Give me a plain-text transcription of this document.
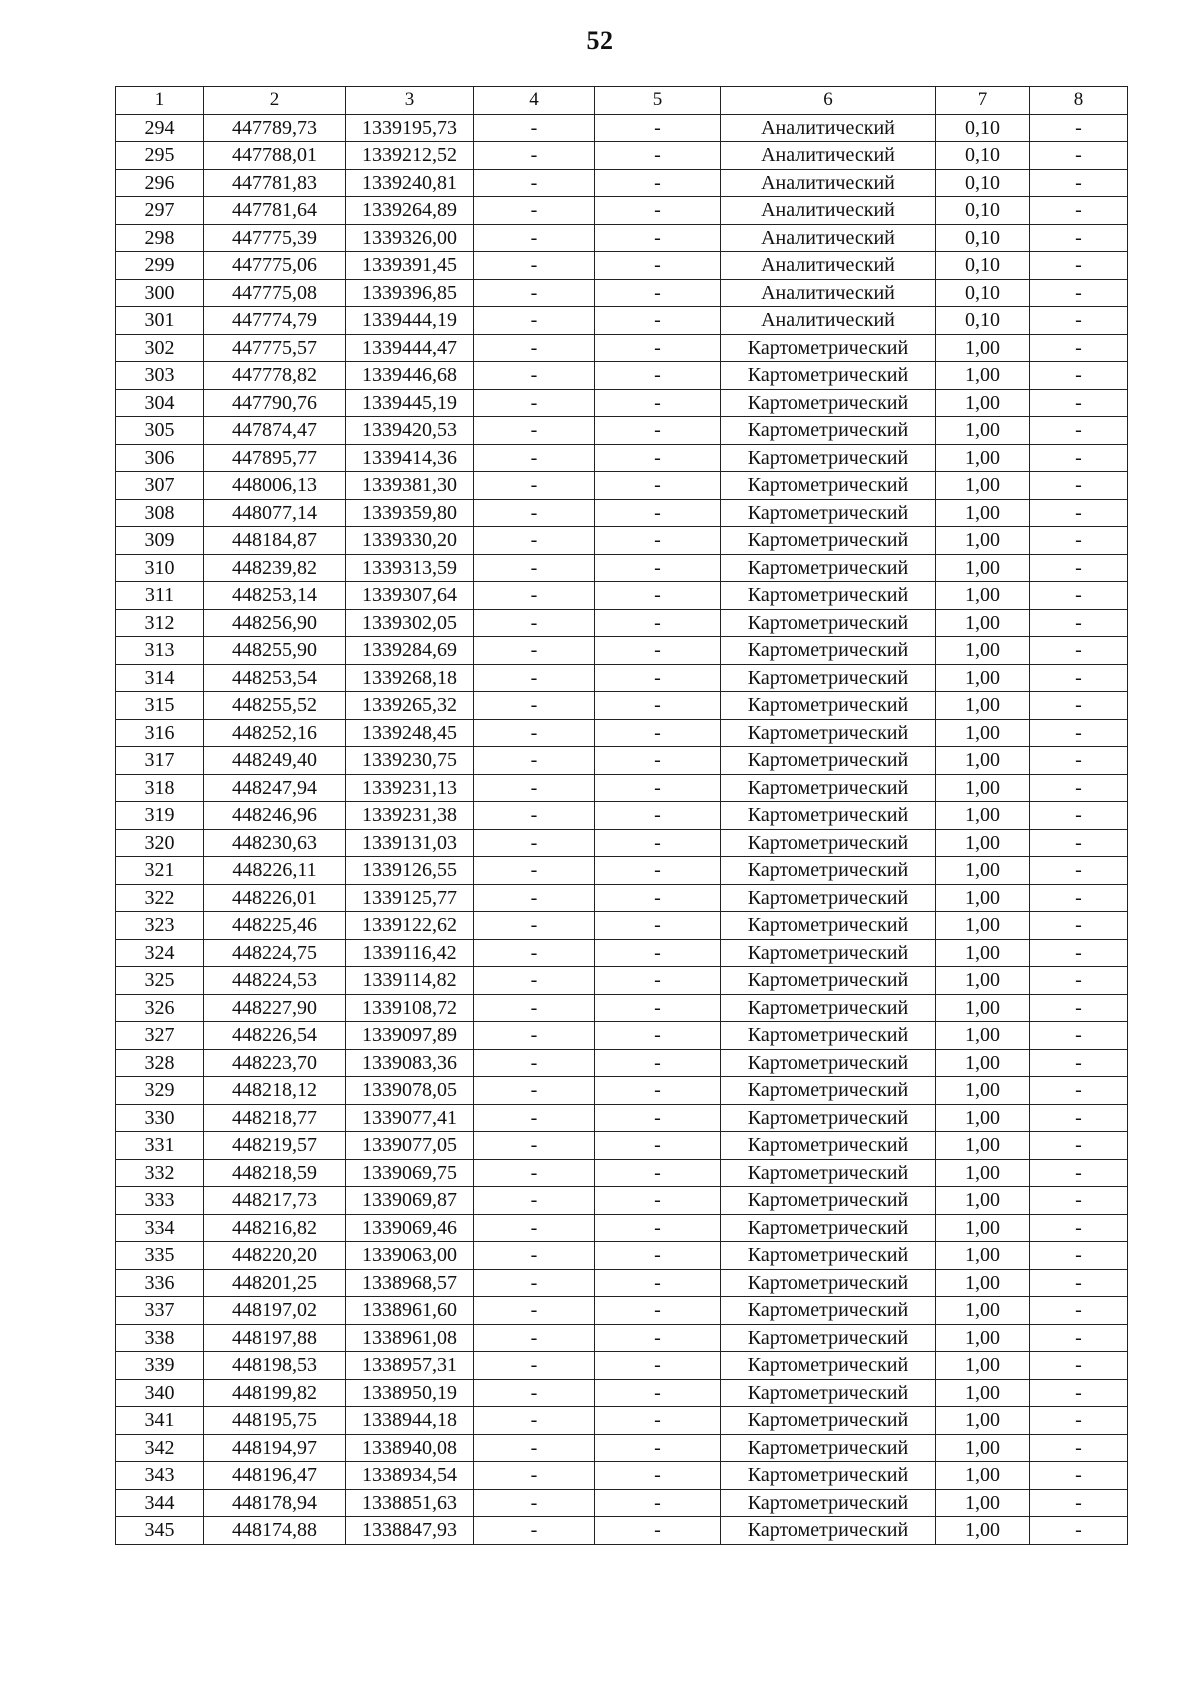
52
1	2	3	4	5	6	7	8
294	447789,73	1339195,73	-	-	Аналитический	0,10	-
295	447788,01	1339212,52	-	-	Аналитический	0,10	-
296	447781,83	1339240,81	-	-	Аналитический	0,10	-
297	447781,64	1339264,89	-	-	Аналитический	0,10	-
298	447775,39	1339326,00	-	-	Аналитический	0,10	-
299	447775,06	1339391,45	-	-	Аналитический	0,10	-
300	447775,08	1339396,85	-	-	Аналитический	0,10	-
301	447774,79	1339444,19	-	-	Аналитический	0,10	-
302	447775,57	1339444,47	-	-	Картометрический	1,00	-
303	447778,82	1339446,68	-	-	Картометрический	1,00	-
304	447790,76	1339445,19	-	-	Картометрический	1,00	-
305	447874,47	1339420,53	-	-	Картометрический	1,00	-
306	447895,77	1339414,36	-	-	Картометрический	1,00	-
307	448006,13	1339381,30	-	-	Картометрический	1,00	-
308	448077,14	1339359,80	-	-	Картометрический	1,00	-
309	448184,87	1339330,20	-	-	Картометрический	1,00	-
310	448239,82	1339313,59	-	-	Картометрический	1,00	-
311	448253,14	1339307,64	-	-	Картометрический	1,00	-
312	448256,90	1339302,05	-	-	Картометрический	1,00	-
313	448255,90	1339284,69	-	-	Картометрический	1,00	-
314	448253,54	1339268,18	-	-	Картометрический	1,00	-
315	448255,52	1339265,32	-	-	Картометрический	1,00	-
316	448252,16	1339248,45	-	-	Картометрический	1,00	-
317	448249,40	1339230,75	-	-	Картометрический	1,00	-
318	448247,94	1339231,13	-	-	Картометрический	1,00	-
319	448246,96	1339231,38	-	-	Картометрический	1,00	-
320	448230,63	1339131,03	-	-	Картометрический	1,00	-
321	448226,11	1339126,55	-	-	Картометрический	1,00	-
322	448226,01	1339125,77	-	-	Картометрический	1,00	-
323	448225,46	1339122,62	-	-	Картометрический	1,00	-
324	448224,75	1339116,42	-	-	Картометрический	1,00	-
325	448224,53	1339114,82	-	-	Картометрический	1,00	-
326	448227,90	1339108,72	-	-	Картометрический	1,00	-
327	448226,54	1339097,89	-	-	Картометрический	1,00	-
328	448223,70	1339083,36	-	-	Картометрический	1,00	-
329	448218,12	1339078,05	-	-	Картометрический	1,00	-
330	448218,77	1339077,41	-	-	Картометрический	1,00	-
331	448219,57	1339077,05	-	-	Картометрический	1,00	-
332	448218,59	1339069,75	-	-	Картометрический	1,00	-
333	448217,73	1339069,87	-	-	Картометрический	1,00	-
334	448216,82	1339069,46	-	-	Картометрический	1,00	-
335	448220,20	1339063,00	-	-	Картометрический	1,00	-
336	448201,25	1338968,57	-	-	Картометрический	1,00	-
337	448197,02	1338961,60	-	-	Картометрический	1,00	-
338	448197,88	1338961,08	-	-	Картометрический	1,00	-
339	448198,53	1338957,31	-	-	Картометрический	1,00	-
340	448199,82	1338950,19	-	-	Картометрический	1,00	-
341	448195,75	1338944,18	-	-	Картометрический	1,00	-
342	448194,97	1338940,08	-	-	Картометрический	1,00	-
343	448196,47	1338934,54	-	-	Картометрический	1,00	-
344	448178,94	1338851,63	-	-	Картометрический	1,00	-
345	448174,88	1338847,93	-	-	Картометрический	1,00	-
